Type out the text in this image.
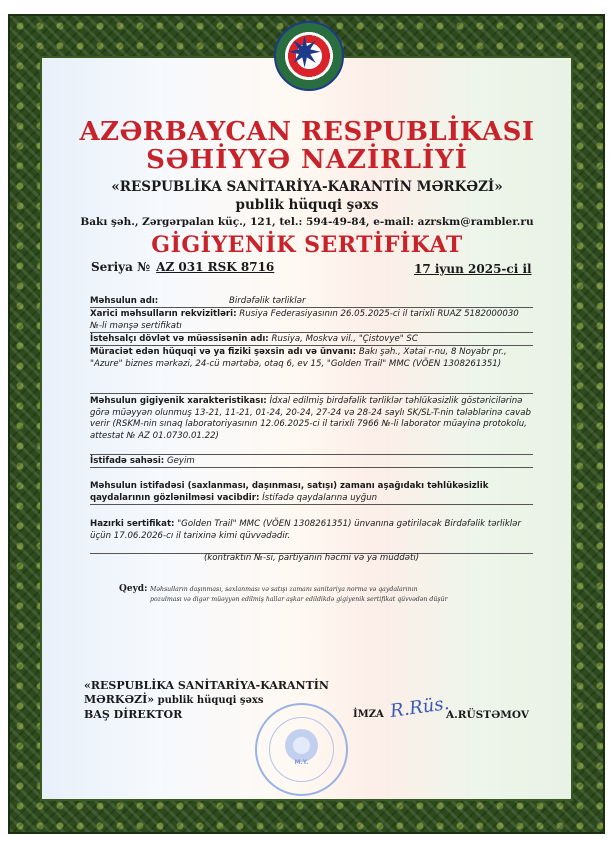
✷
AZƏRBAYCAN RESPUBLİKASI
SƏHİYYƏ NAZİRLİYİ
«RESPUBLİKA SANİTARİYA-KARANTİN MƏRKƏZİ»
publik hüquqi şəxs
Bakı şəh., Zərgərpalan küç., 121, tel.: 594-49-84, e-mail: azrskm@rambler.ru
GİGİYENİK SERTİFİKAT
Seriya № AZ 031 RSK 8716	17 iyun 2025-ci il
Məhsulun adı:	Birdəfəlik tərliklər
Xarici məhsulların rekvizitləri: Rusiya Federasiyasının 26.05.2025-ci il tarixli RUAZ 5182000030 №-li mənşə sertifikatı
İstehsalçı dövlət və müəssisənin adı: Rusiya, Moskva vil., "Çistovye" SC
Müraciət edən hüquqi və ya fiziki şəxsin adı və ünvanı: Bakı şəh., Xətai r-nu, 8 Noyabr pr., "Azure" biznes mərkəzi, 24-cü mərtəbə, otaq 6, ev 15, "Golden Trail" MMC (VÖEN 1308261351)
Məhsulun gigiyenik xarakteristikası: İdxal edilmiş birdəfəlik tərliklər təhlükəsizlik göstəricilərinə görə müəyyən olunmuş 13-21, 11-21, 01-24, 20-24, 27-24 və 28-24 saylı SK/SL-T-nin tələblərinə cavab verir (RSKM-nin sınaq laboratoriyasının 12.06.2025-ci il tarixli 7966 №-li laborator müayinə protokolu, attestat № AZ 01.0730.01.22)
İstifadə sahəsi: Geyim
Məhsulun istifadəsi (saxlanması, daşınması, satışı) zamanı aşağıdakı təhlükəsizlik qaydalarının gözlənilməsi vacibdir: İstifadə qaydalarına uyğun
Hazırki sertifikat: "Golden Trail" MMC (VÖEN 1308261351) ünvanına gətiriləcək Birdəfəlik tərliklər üçün 17.06.2026-cı il tarixinə kimi qüvvədədir.
(kontraktın №-si, partiyanın həcmi və ya müddəti)
Qeyd: Məhsulların daşınması, saxlanması və satışı zamanı sanitariya norma və qaydalarının pozulması və digər müəyyən edilmiş hallar aşkar edildikdə gigiyenik sertifikat qüvvədən düşür
«RESPUBLİKA SANİTARİYA-KARANTİN
MƏRKƏZİ» publik hüquqi şəxs
BAŞ DİREKTOR
M.Y.
İMZA R.Rüs.
A.RÜSTƏMOV
